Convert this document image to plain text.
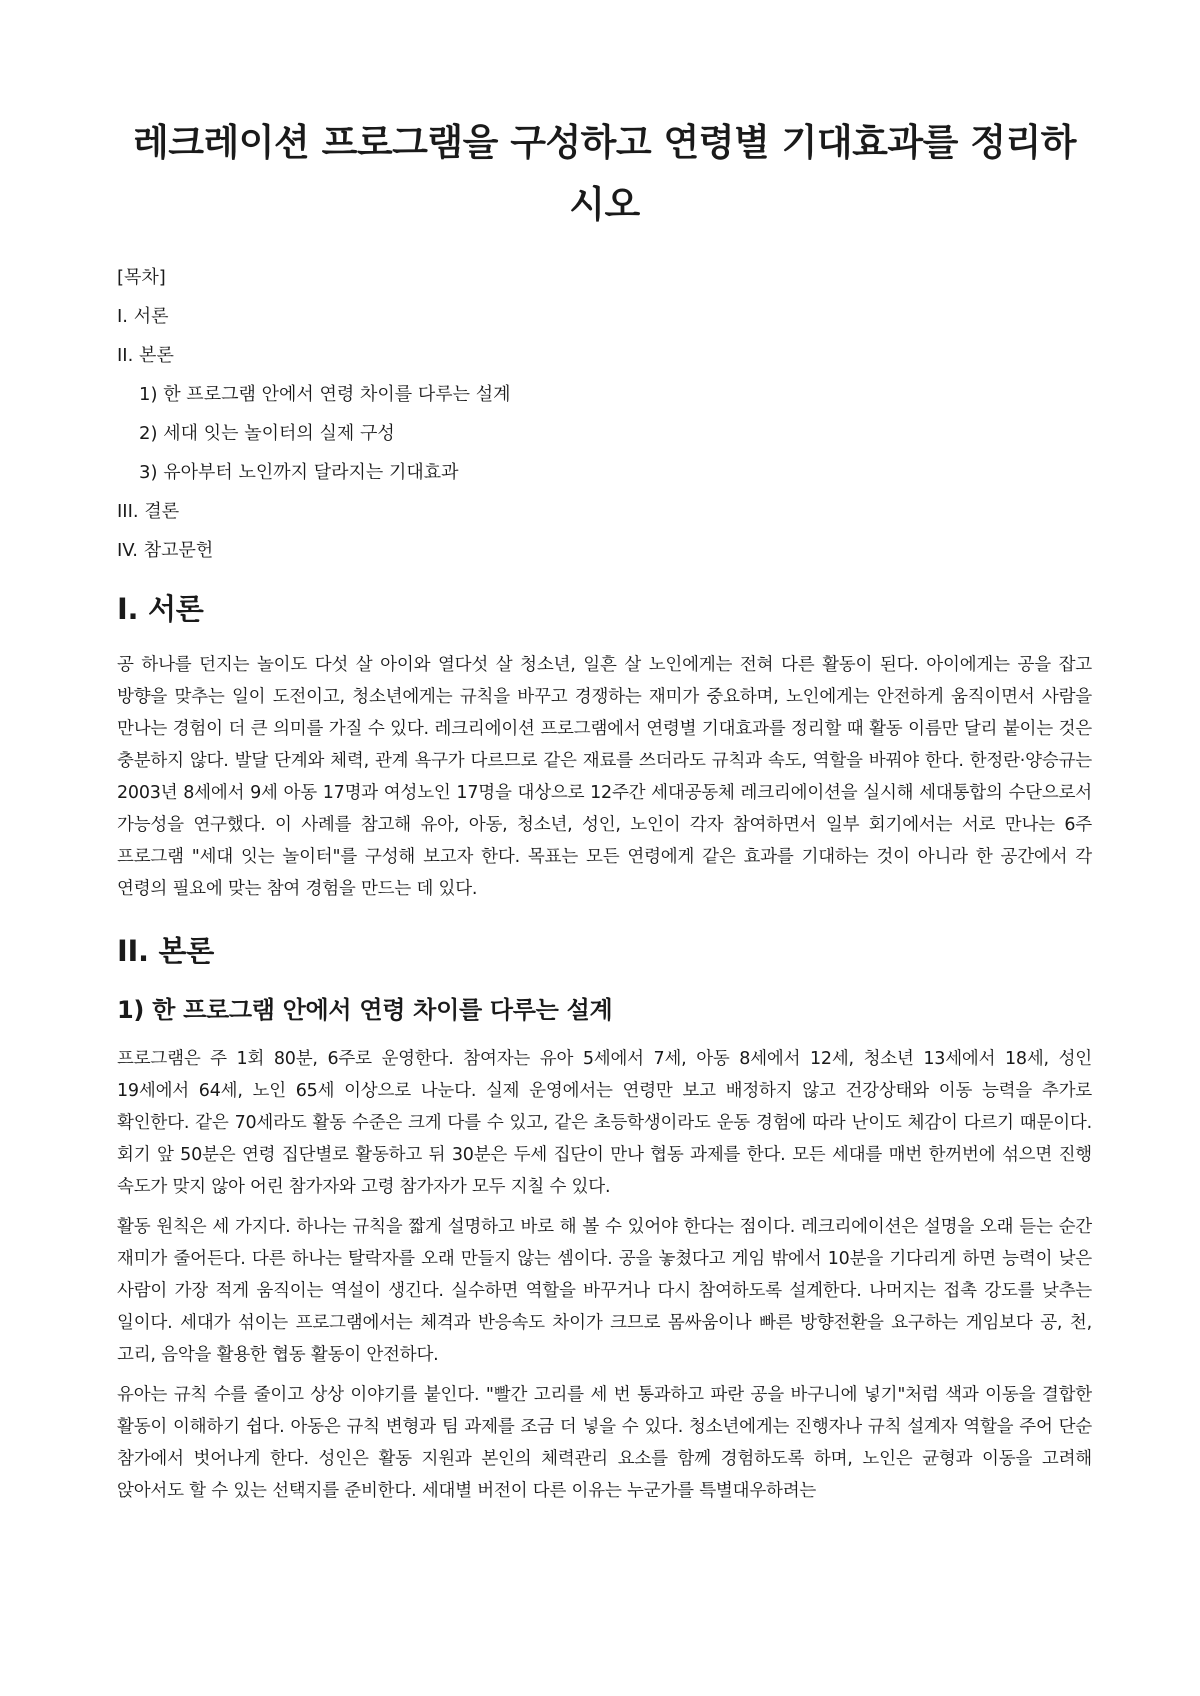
레크레이션 프로그램을 구성하고 연령별 기대효과를 정리하시오
[목차]
I. 서론
II. 본론
1) 한 프로그램 안에서 연령 차이를 다루는 설계
2) 세대 잇는 놀이터의 실제 구성
3) 유아부터 노인까지 달라지는 기대효과
III. 결론
IV. 참고문헌
I. 서론

공 하나를 던지는 놀이도 다섯 살 아이와 열다섯 살 청소년, 일흔 살 노인에게는 전혀 다른 활동이 된다. 아이에게는 공을 잡고 방향을 맞추는 일이 도전이고, 청소년에게는 규칙을 바꾸고 경쟁하는 재미가 중요하며, 노인에게는 안전하게 움직이면서 사람을 만나는 경험이 더 큰 의미를 가질 수 있다. 레크리에이션 프로그램에서 연령별 기대효과를 정리할 때 활동 이름만 달리 붙이는 것은 충분하지 않다. 발달 단계와 체력, 관계 욕구가 다르므로 같은 재료를 쓰더라도 규칙과 속도, 역할을 바꿔야 한다. 한정란·양승규는 2003년 8세에서 9세 아동 17명과 여성노인 17명을 대상으로 12주간 세대공동체 레크리에이션을 실시해 세대통합의 수단으로서 가능성을 연구했다. 이 사례를 참고해 유아, 아동, 청소년, 성인, 노인이 각자 참여하면서 일부 회기에서는 서로 만나는 6주 프로그램 "세대 잇는 놀이터"를 구성해 보고자 한다. 목표는 모든 연령에게 같은 효과를 기대하는 것이 아니라 한 공간에서 각 연령의 필요에 맞는 참여 경험을 만드는 데 있다.

II. 본론
1) 한 프로그램 안에서 연령 차이를 다루는 설계

프로그램은 주 1회 80분, 6주로 운영한다. 참여자는 유아 5세에서 7세, 아동 8세에서 12세, 청소년 13세에서 18세, 성인 19세에서 64세, 노인 65세 이상으로 나눈다. 실제 운영에서는 연령만 보고 배정하지 않고 건강상태와 이동 능력을 추가로 확인한다. 같은 70세라도 활동 수준은 크게 다를 수 있고, 같은 초등학생이라도 운동 경험에 따라 난이도 체감이 다르기 때문이다. 회기 앞 50분은 연령 집단별로 활동하고 뒤 30분은 두세 집단이 만나 협동 과제를 한다. 모든 세대를 매번 한꺼번에 섞으면 진행 속도가 맞지 않아 어린 참가자와 고령 참가자가 모두 지칠 수 있다.

활동 원칙은 세 가지다. 하나는 규칙을 짧게 설명하고 바로 해 볼 수 있어야 한다는 점이다. 레크리에이션은 설명을 오래 듣는 순간 재미가 줄어든다. 다른 하나는 탈락자를 오래 만들지 않는 셈이다. 공을 놓쳤다고 게임 밖에서 10분을 기다리게 하면 능력이 낮은 사람이 가장 적게 움직이는 역설이 생긴다. 실수하면 역할을 바꾸거나 다시 참여하도록 설계한다. 나머지는 접촉 강도를 낮추는 일이다. 세대가 섞이는 프로그램에서는 체격과 반응속도 차이가 크므로 몸싸움이나 빠른 방향전환을 요구하는 게임보다 공, 천, 고리, 음악을 활용한 협동 활동이 안전하다.

유아는 규칙 수를 줄이고 상상 이야기를 붙인다. "빨간 고리를 세 번 통과하고 파란 공을 바구니에 넣기"처럼 색과 이동을 결합한 활동이 이해하기 쉽다. 아동은 규칙 변형과 팀 과제를 조금 더 넣을 수 있다. 청소년에게는 진행자나 규칙 설계자 역할을 주어 단순 참가에서 벗어나게 한다. 성인은 활동 지원과 본인의 체력관리 요소를 함께 경험하도록 하며, 노인은 균형과 이동을 고려해 앉아서도 할 수 있는 선택지를 준비한다. 세대별 버전이 다른 이유는 누군가를 특별대우하려는
